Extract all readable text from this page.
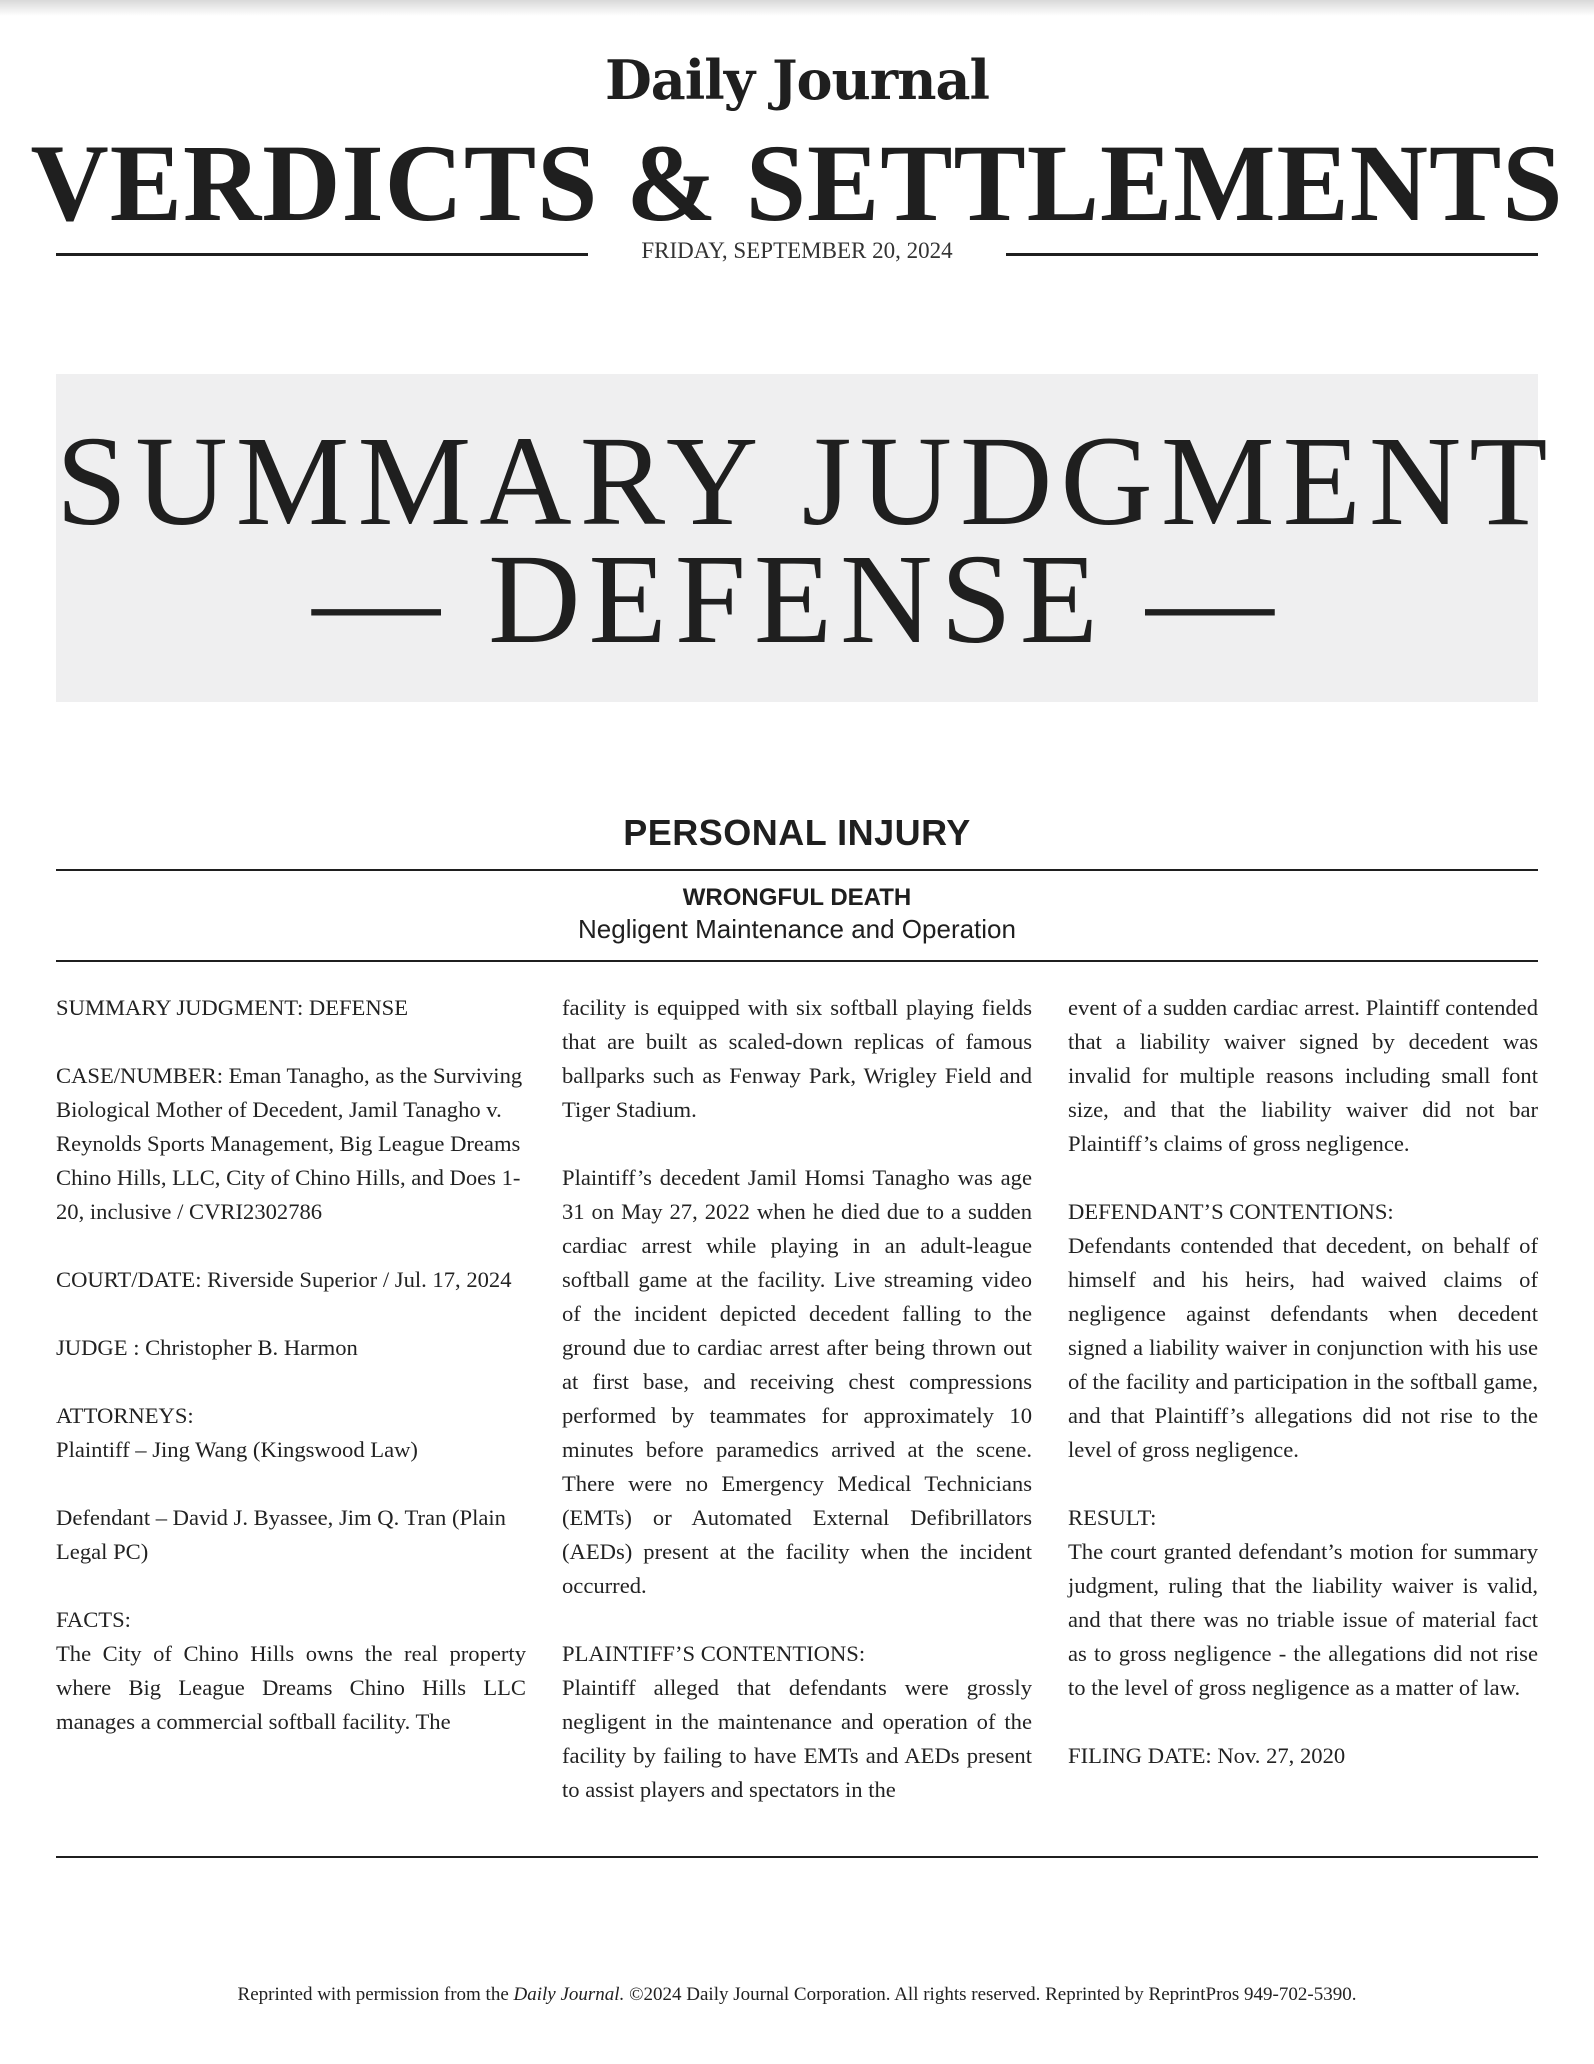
Daily Journal
VERDICTS & SETTLEMENTS
FRIDAY, SEPTEMBER 20, 2024
SUMMARY JUDGMENT
— DEFENSE —
PERSONAL INJURY
WRONGFUL DEATH
Negligent Maintenance and Operation

SUMMARY JUDGMENT: DEFENSE

CASE/NUMBER: Eman Tanagho, as the Surviving Biological Mother of Decedent, Jamil Tanagho v. Reynolds Sports Management, Big League Dreams Chino Hills, LLC, City of Chino Hills, and Does 1-20, inclusive / CVRI2302786

COURT/DATE: Riverside Superior / Jul. 17, 2024

JUDGE : Christopher B. Harmon

ATTORNEYS:
Plaintiff – Jing Wang (Kingswood Law)

Defendant – David J. Byassee, Jim Q. Tran (Plain Legal PC)

FACTS:
The City of Chino Hills owns the real property where Big League Dreams Chino Hills LLC manages a commercial softball facility. The

facility is equipped with six softball playing fields that are built as scaled-down replicas of famous ballparks such as Fenway Park, Wrigley Field and Tiger Stadium.

Plaintiff’s decedent Jamil Homsi Tanagho was age 31 on May 27, 2022 when he died due to a sudden cardiac arrest while playing in an adult-league softball game at the facility. Live streaming video of the incident depicted decedent falling to the ground due to cardiac arrest after being thrown out at first base, and receiving chest compressions performed by teammates for approximately 10 minutes before paramedics arrived at the scene. There were no Emergency Medical Technicians (EMTs) or Automated External Defibrillators (AEDs) present at the facility when the incident occurred.

PLAINTIFF’S CONTENTIONS:
Plaintiff alleged that defendants were grossly negligent in the maintenance and operation of the facility by failing to have EMTs and AEDs present to assist players and spectators in the

event of a sudden cardiac arrest. Plaintiff contended that a liability waiver signed by decedent was invalid for multiple reasons including small font size, and that the liability waiver did not bar Plaintiff’s claims of gross negligence.

DEFENDANT’S CONTENTIONS:
Defendants contended that decedent, on behalf of himself and his heirs, had waived claims of negligence against defendants when decedent signed a liability waiver in conjunction with his use of the facility and participation in the softball game, and that Plaintiff’s allegations did not rise to the level of gross negligence.

RESULT:
The court granted defendant’s motion for summary judgment, ruling that the liability waiver is valid, and that there was no triable issue of material fact as to gross negligence - the allegations did not rise to the level of gross negligence as a matter of law.

FILING DATE: Nov. 27, 2020

Reprinted with permission from the Daily Journal. ©2024 Daily Journal Corporation. All rights reserved. Reprinted by ReprintPros 949-702-5390.
